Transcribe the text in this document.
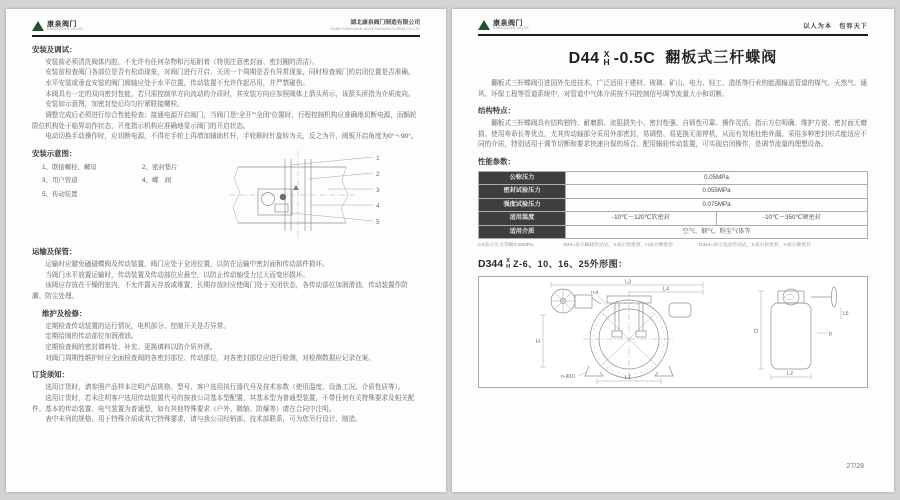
康泉阀门
KANGQUAN VALVE
湖北康泉阀门制造有限公司
HUBEI KANGQUAN VALVE MANUFACTURING CO.,LTD
安装及调试：

安装前必须清洗阀体内腔，不允许有任何杂物和污垢附着（特别注意密封面、密封圈的清洁）。

安装前检查阀门各部位是否有松动现象，对阀门进行开启、关闭一个周期是否有异常现象，同时检查阀门的启闭位置是否准确。

水平安装或垂直安装的阀门阀轴应处于水平位置，传动装置不允许作起吊用，并严禁碰伤。

本阀具有一定的双向密封性能，若只需控制单方向流动的介质时，其安装方向应参照阀体上箭头所示，该箭头所指为介质流向。

安装如示意图，加密封垫后均匀拧紧联接螺栓。

调整完成后必须进行综合性能检查；接通电源开启阀门，当阀门是“全开”“全闭”位置时，行程控制机构应准确地切断电源，而蜗轮限位机构处于临界动作状态，开度指示机构应准确地显示阀门的开启状态。

电动切换手动操作时，应切断电源，不得在手轮上再增加辅助杠杆，手轮顺时针旋转为关，反之为开，阀板开启角度为0°～90°。

安装示意图：
1、联接螺栓、螺母	2、密封垫片
3、用户管道	4、蝶　阀
5、传动装置
1
2
3
4
5
运输及保管：

运输时应避免磕碰蝶阀及传动装置，阀门应处于全闭位置，以防在运输中密封面和传动部件损坏。

当阀门水平放置运输时，传动装置及传动部位应悬空，以防止传动轴受力过大而变形损坏。

该阀应存放在干燥的室内，不允许露天存放或堆置，长期存放时应使阀门处于关闭状态，各传动部位加润滑油，传动装置作防潮、防尘处理。

维护及检修：

定期检查传动装置的运行情况，电机部分、控制开关是否异常。

定期给阀的传动部位加润滑油。

定期检查阀的密封填料处、补充、更换填料以防介质外泄。

对阀门周期性维护时应全面检查阀的各密封部位、传动部位，对各密封部位应进行检测，对检测数据应记录在案。

订货须知：

选用订货时，请参照产品样本注明产品规格、型号、客户选用执行器代号及技术参数（使用温度、设备工况、介质性质等）。

选用订货时，若未注明客户选用传动装置代号的按我公司基本型配置，其基本型为普通型装置，不带任何有关特殊要求及相关配件。基本的传动装置、电气装置为普通型，如有其他特殊要求（户外、微缩、防爆等）请在合同中注明。

表中未列的规格、用于特殊介质或其它特殊要求，请与我公司经销部、技术部联系，可为您另行设计、制造。

康泉阀门
KANGQUAN VALVE	以人为本　包容天下
D44 X
H -0.5C 翻板式三杆蝶阀

翻板式三杆蝶阀引进国外先进技术，广泛适用于建材、玻璃、矿山、电力、轻工、造纸等行业的能源输送管道的煤气、天然气、通风、环保工程等管道系统中，对管道中气体介质按不同控制信号调节流量大小和切断。

结构特点：

翻板式三杆蝶阀具有结构独特、耐磨损、流阻损失小、密封性强、自锁性可靠、操作灵活、指示方位明确、维护方便、密封面无磨损、使用寿命长等优点，尤其传动轴部分采用外部密封，易调整、易更换无需停机，从而有效地杜绝外漏。采用多种密封形式能适应不同的介质，特别适用于调节切断和要求快速自保的场合。配用蜗轮传动装置，可实现启闭操作，是调节流量的理想设备。

性能参数：
公称压力	0.05MPa	
密封试验压力	0.055MPa	
强度试验压力	0.075MPa	
适用温度	-10℃～120℃软密封	-10℃～350℃硬密封
适用介质	空气、烟气、粉尘气体等	
0.5表示压力等级0.05MPa。	D44=表示蜗轮传动式，X表示软密封，H表示硬密封	D344=表示电动传动式，X表示软密封，H表示硬密封
D344 X
H Z-6、10、16、25外形图：
L3
L4
n-d
H
L1
n-Φ10
D	b
L2
L5
27/28
